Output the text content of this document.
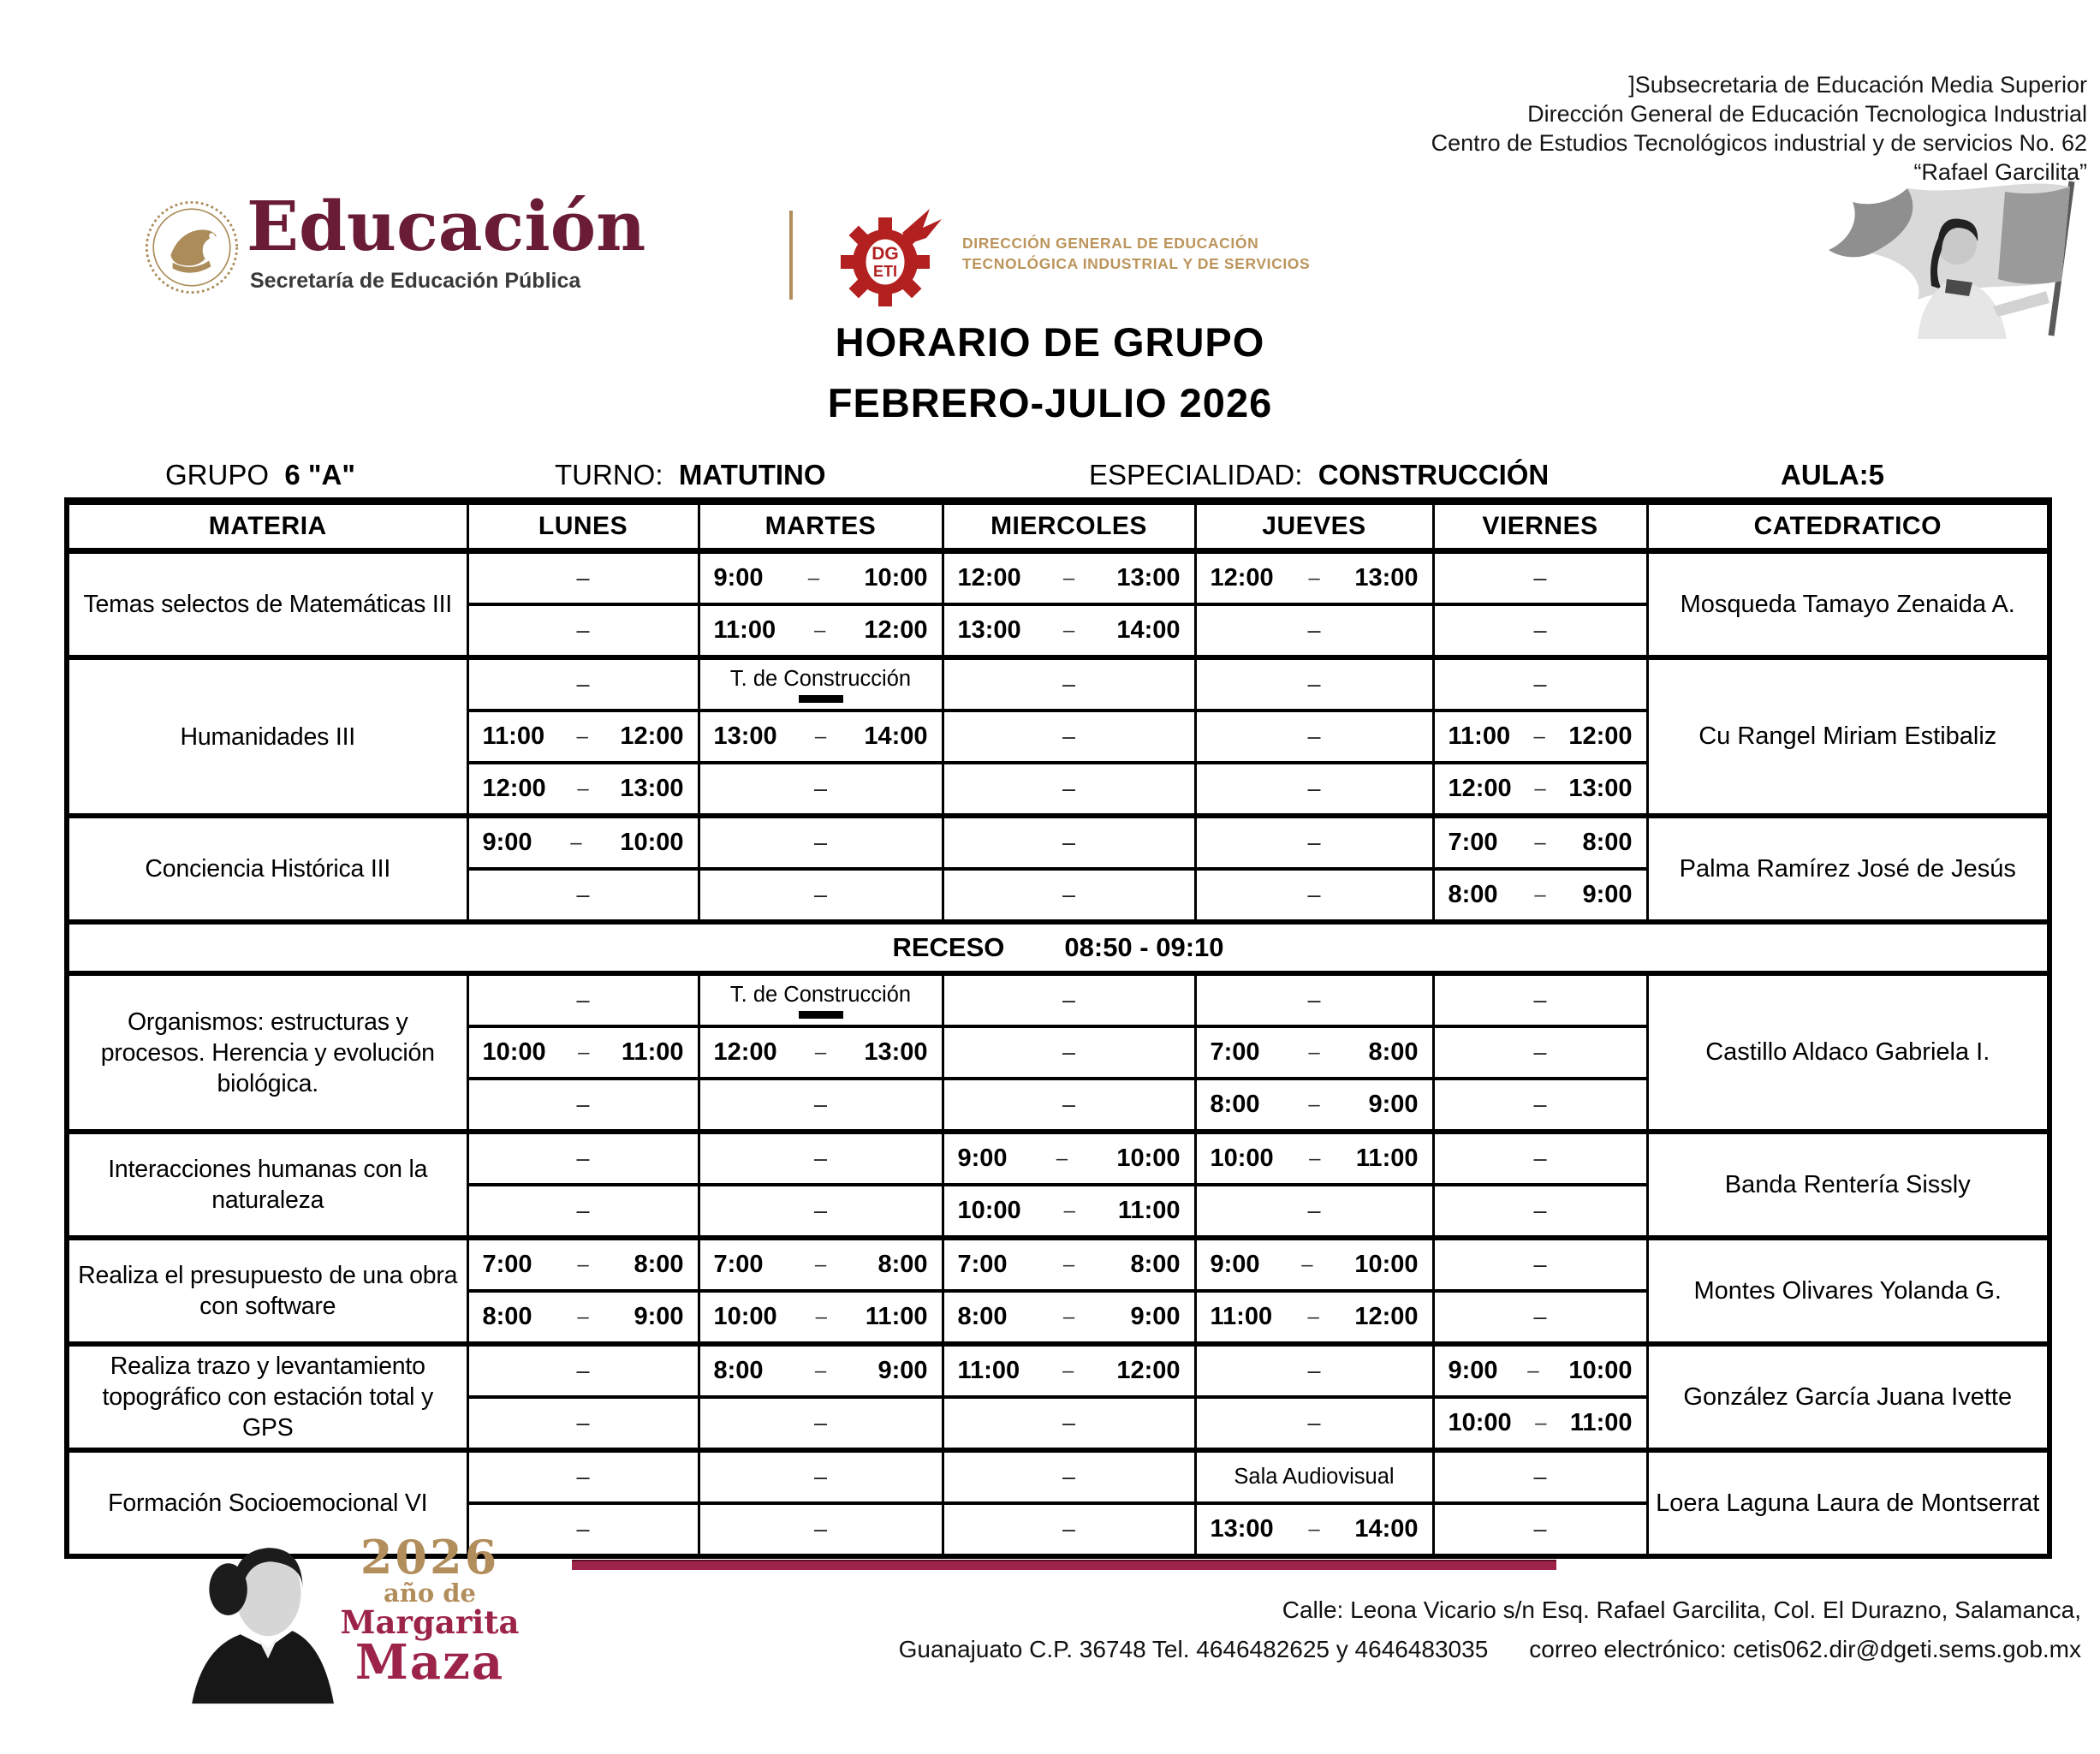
]Subsecretaria de Educación Media Superior
Dirección General de Educación Tecnologica Industrial
Centro de Estudios Tecnológicos industrial y de servicios No. 62
“Rafael Garcilita”
Educación
Secretaría de Educación Pública
DG
ETI
DIRECCIÓN GENERAL DE EDUCACIÓN
TECNOLÓGICA INDUSTRIAL Y DE SERVICIOS
HORARIO DE GRUPO
FEBRERO-JULIO 2026
GRUPO 6 "A"	TURNO: MATUTINO	ESPECIALIDAD: CONSTRUCCIÓN	AULA:5
MATERIA	LUNES	MARTES	MIERCOLES	JUEVES	VIERNES	CATEDRATICO
Temas selectos de Matemáticas III	–	9:00 – 10:00	12:00 – 13:00	12:00 – 13:00	–	Mosqueda Tamayo Zenaida A.

	–	11:00 – 12:00	13:00 – 14:00	–	–	

Humanidades III	–	T. de Construcción	–	–	–	Cu Rangel Miriam Estibaliz

	11:00 – 12:00	13:00 – 14:00	–	–	11:00 – 12:00	

	12:00 – 13:00	–	–	–	12:00 – 13:00	

Conciencia Histórica III	9:00 – 10:00	–	–	–	7:00 – 8:00	Palma Ramírez José de Jesús

	–	–	–	–	8:00 – 9:00	

RECESO 08:50 - 09:10						

Organismos: estructuras y procesos. Herencia y evolución biológica.	–	T. de Construcción	–	–	–	Castillo Aldaco Gabriela I.

	10:00 – 11:00	12:00 – 13:00	–	7:00 – 8:00	–	

	–	–	–	8:00 – 9:00	–	

Interacciones humanas con la naturaleza	–	–	9:00 – 10:00	10:00 – 11:00	–	Banda Rentería Sissly

	–	–	10:00 – 11:00	–	–	

Realiza el presupuesto de una obra con software	7:00 – 8:00	7:00 – 8:00	7:00 – 8:00	9:00 – 10:00	–	Montes Olivares Yolanda G.

	8:00 – 9:00	10:00 – 11:00	8:00 – 9:00	11:00 – 12:00	–	

Realiza trazo y levantamiento topográfico con estación total y GPS	–	8:00 – 9:00	11:00 – 12:00	–	9:00 – 10:00	González García Juana Ivette

	–	–	–	–	10:00 – 11:00	

Formación Socioemocional VI	–	–	–	Sala Audiovisual	–	Loera Laguna Laura de Montserrat

	–	–	–	13:00 – 14:00	–	
2026
año de
Margarita
Maza
Calle: Leona Vicario s/n Esq. Rafael Garcilita, Col. El Durazno, Salamanca,
Guanajuato C.P. 36748 Tel. 4646482625 y 4646483035 correo electrónico: cetis062.dir@dgeti.sems.gob.mx
